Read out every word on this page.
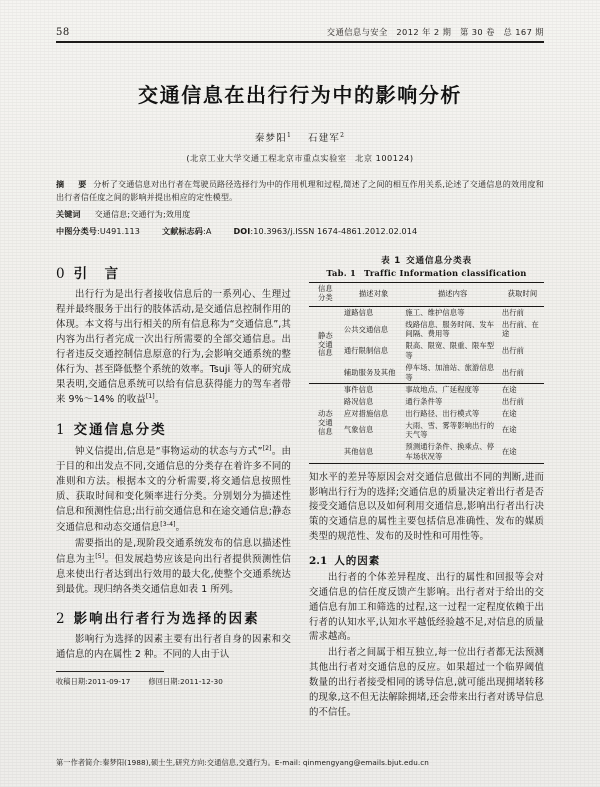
58	交通信息与安全　2012 年 2 期　第 30 卷　总 167 期
交通信息在出行行为中的影响分析
秦梦阳$^1$ 石建军$^2$
(北京工业大学交通工程北京市重点实验室　北京 100124)
摘　要 分析了交通信息对出行者在驾驶员路径选择行为中的作用机理和过程,简述了之间的相互作用关系,论述了交通信息的效用度和出行者信任度之间的影响并提出相应的定性模型。
关键词 交通信息;交通行为;效用度
中图分类号:U491.113	文献标志码:A	DOI:10.3963/j.ISSN 1674-4861.2012.02.014
0 引　言

出行行为是出行者接收信息后的一系列心、生理过程并最终服务于出行的肢体活动,是交通信息控制作用的体现。本文将与出行相关的所有信息称为“交通信息”,其内容为出行者完成一次出行所需要的全部交通信息。出行者违反交通控制信息原意的行为,会影响交通系统的整体行为、甚至降低整个系统的效率。Tsuji 等人的研究成果表明,交通信息系统可以给有信息获得能力的驾车者带来 9%～14% 的收益[1]。

1 交通信息分类

钟义信提出,信息是“事物运动的状态与方式”[2]。由于目的和出发点不同,交通信息的分类存在着许多不同的准则和方法。根据本文的分析需要,将交通信息按照性质、获取时间和变化频率进行分类。分别划分为描述性信息和预测性信息;出行前交通信息和在途交通信息;静态交通信息和动态交通信息[3-4]。

需要指出的是,现阶段交通系统发布的信息以描述性信息为主[5]。但发展趋势应该是向出行者提供预测性信息来使出行者达到出行效用的最大化,使整个交通系统达到最优。现归纳各类交通信息如表 1 所列。

2 影响出行者行为选择的因素

影响行为选择的因素主要有出行者自身的因素和交通信息的内在属性 2 种。不同的人由于认

收稿日期:2011-09-17	修回日期:2011-12-30
表 1 交通信息分类表
Tab. 1 Traffic Information classification
信息
分类	描述对象	描述内容	获取时间

静态
交通
信息	道路信息	施工、维护信息等	出行前
	公共交通信息	线路信息、服务时间、发车间隔、费用等	出行前、在途
	通行限制信息	限高、限宽、限重、限车型等	出行前
	辅助服务及其他	停车场、加油站、旅游信息等	出行前

动态
交通
信息	事件信息	事故地点、广延程度等	在途
	路况信息	通行条件等	出行前
	应对措施信息	出行路径、出行模式等	在途
	气象信息	大雨、雪、雾等影响出行的天气等	在途
	其他信息	预测通行条件、换乘点、停车场状况等	在途

知水平的差异等原因会对交通信息做出不同的判断,进而影响出行行为的选择;交通信息的质量决定着出行者是否接受交通信息以及如何利用交通信息,影响出行者出行决策的交通信息的属性主要包括信息准确性、发布的媒质类型的规范性、发布的及时性和可用性等。

2.1 人的因素

出行者的个体差异程度、出行的属性和回报等会对交通信息的信任度反馈产生影响。出行者对于给出的交通信息有加工和筛选的过程,这一过程一定程度依赖于出行者的认知水平,认知水平越低经验越不足,对信息的质量需求越高。

出行者之间属于相互独立,每一位出行者都无法预测其他出行者对交通信息的反应。如果超过一个临界阈值数量的出行者接受相同的诱导信息,就可能出现拥堵转移的现象,这不但无法解除拥堵,还会带来出行者对诱导信息的不信任。

第一作者简介:秦梦阳(1988),硕士生,研究方向:交通信息,交通行为。E-mail: qinmengyang@emails.bjut.edu.cn
